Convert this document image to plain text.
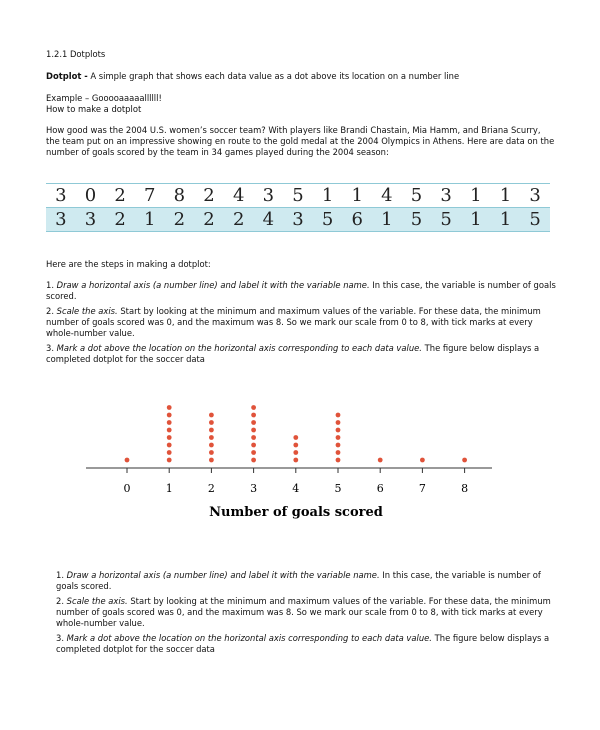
1.2.1 Dotplots

Dotplot - A simple graph that shows each data value as a dot above its location on a number line

Example – Gooooaaaaallllll!

How to make a dotplot

How good was the 2004 U.S. women’s soccer team? With players like Brandi Chastain, Mia Hamm, and Briana Scurry, the team put on an impressive showing en route to the gold medal at the 2004 Olympics in Athens. Here are data on the number of goals scored by the team in 34 games played during the 2004 season:

3	0	2	7	8	2	4	3	5	1	1	4	5	3	1	1	3
3	3	2	1	2	2	2	4	3	5	6	1	5	5	1	1	5

Here are the steps in making a dotplot:

1. Draw a horizontal axis (a number line) and label it with the variable name. In this case, the variable is number of goals scored.

2. Scale the axis. Start by looking at the minimum and maximum values of the variable. For these data, the minimum number of goals scored was 0, and the maximum was 8. So we mark our scale from 0 to 8, with tick marks at every whole-number value.

3. Mark a dot above the location on the horizontal axis corresponding to each data value. The figure below displays a completed dotplot for the soccer data

0	1	2	3	4	5	6	7	8
Number of goals scored

1. Draw a horizontal axis (a number line) and label it with the variable name. In this case, the variable is number of goals scored.

2. Scale the axis. Start by looking at the minimum and maximum values of the variable. For these data, the minimum number of goals scored was 0, and the maximum was 8. So we mark our scale from 0 to 8, with tick marks at every whole-number value.

3. Mark a dot above the location on the horizontal axis corresponding to each data value. The figure below displays a completed dotplot for the soccer data
